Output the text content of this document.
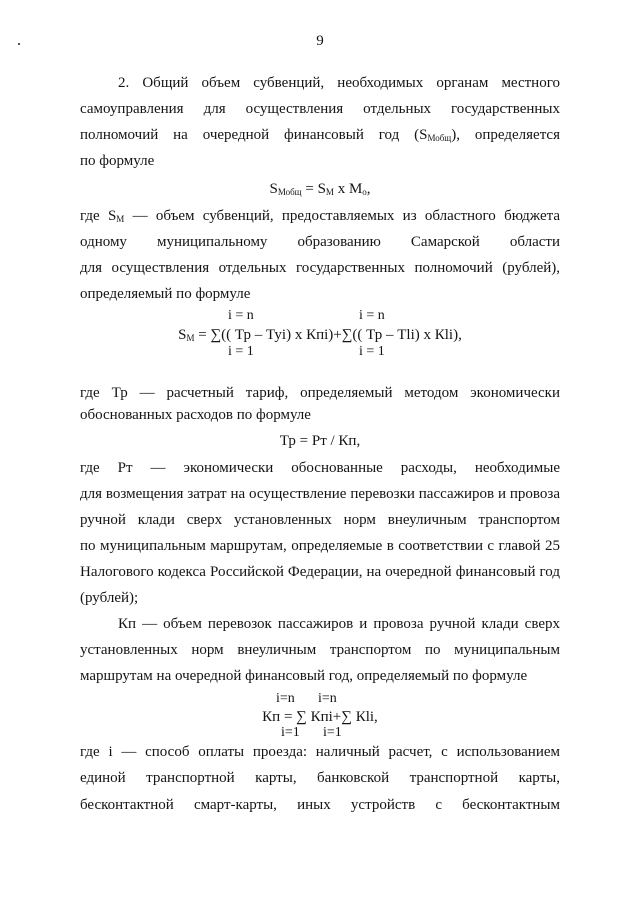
9

2. Общий объем субвенций, необходимых органам местного

самоуправления для осуществления отдельных государственных

полномочий на очередной финансовый год $(S_{Мобщ})$, определяется

по формуле

$S_{Мобщ} = S_M$ x $M_o$,

где $S_M$ — объем субвенций, предоставляемых из областного бюджета

одному муниципальному образованию Самарской области

для осуществления отдельных государственных полномочий (рублей),

определяемый по формуле

i = n	i = n
$S_M$ = ∑(( Тр – Туi) x Кпi)+∑(( Тр – Тli) x Кli),
i = 1	i = 1

где Тр — расчетный тариф, определяемый методом экономически

обоснованных расходов по формуле

Тр = Рт / Кп,

где Рт — экономически обоснованные расходы, необходимые

для возмещения затрат на осуществление перевозки пассажиров и провоза

ручной клади сверх установленных норм внеуличным транспортом

по муниципальным маршрутам, определяемые в соответствии с главой 25

Налогового кодекса Российской Федерации, на очередной финансовый год

(рублей);

Кп — объем перевозок пассажиров и провоза ручной клади сверх

установленных норм внеуличным транспортом по муниципальным

маршрутам на очередной финансовый год, определяемый по формуле

i=n i=n
Кп = ∑ Кпi+∑ Кli,
i=1 i=1

где i — способ оплаты проезда: наличный расчет, с использованием

единой транспортной карты, банковской транспортной карты,

бесконтактной смарт-карты, иных устройств с бесконтактным
